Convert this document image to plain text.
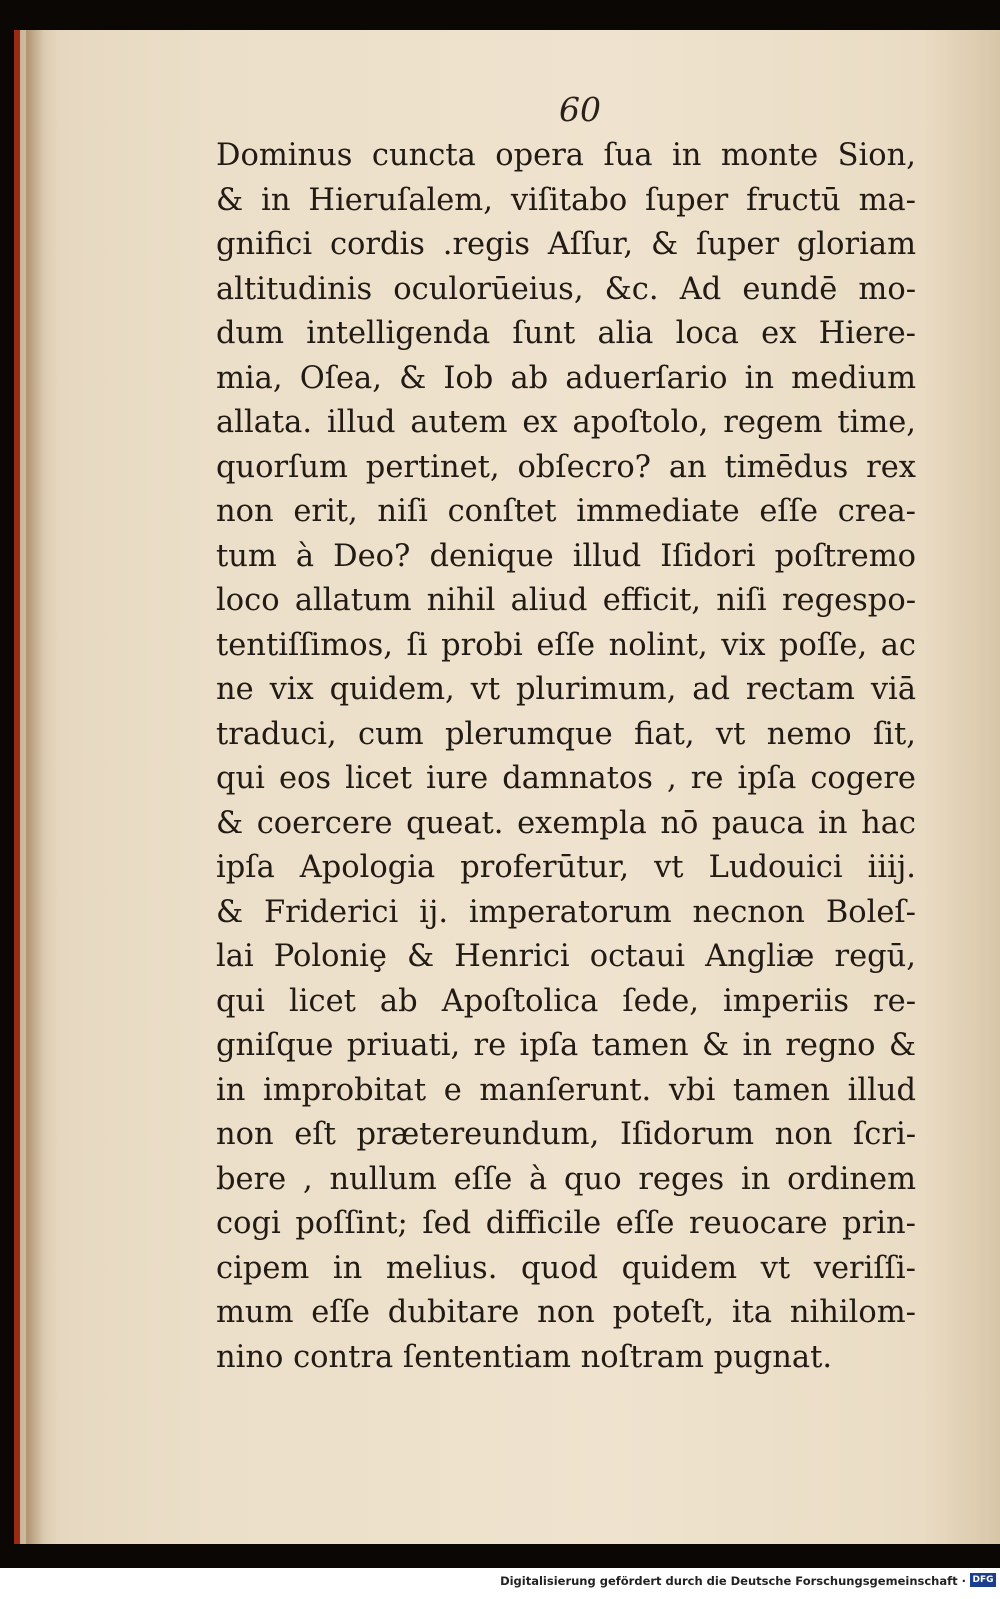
60
Dominus cuncta opera ſua in monte Sion,
& in Hieruſalem, viſitabo ſuper fructū ma-
gnifici cordis .regis Aſſur, & ſuper gloriam
altitudinis oculorūeius, &c. Ad eundē mo-
dum intelligenda ſunt alia loca ex Hiere-
mia, Oſea, & Iob ab aduerſario in medium
allata. illud autem ex apoſtolo, regem time,
quorſum pertinet, obſecro? an timēdus rex
non erit, niſi conſtet immediate eſſe crea-
tum à Deo? denique illud Iſidori poſtremo
loco allatum nihil aliud efficit, niſi regespo-
tentiſſimos, ſi probi eſſe nolint, vix poſſe, ac
ne vix quidem, vt plurimum, ad rectam viā
traduci, cum plerumque fiat, vt nemo ſit,
qui eos licet iure damnatos , re ipſa cogere
& coercere queat. exempla nō pauca in hac
ipſa Apologia proferūtur, vt Ludouici iiij.
& Friderici ij. imperatorum necnon Boleſ-
lai Poloniȩ & Henrici octaui Angliæ regū,
qui licet ab Apoſtolica ſede, imperiis re-
gniſque priuati, re ipſa tamen & in regno &
in improbitat e manſerunt. vbi tamen illud
non eſt prætereundum, Iſidorum non ſcri-
bere , nullum eſſe à quo reges in ordinem
cogi poſſint; ſed difficile eſſe reuocare prin-
cipem in melius. quod quidem vt veriſſi-
mum eſſe dubitare non poteſt, ita nihilom-
nino contra ſententiam noſtram pugnat.
Digitalisierung gefördert durch die Deutsche Forschungsgemeinschaft · DFG
